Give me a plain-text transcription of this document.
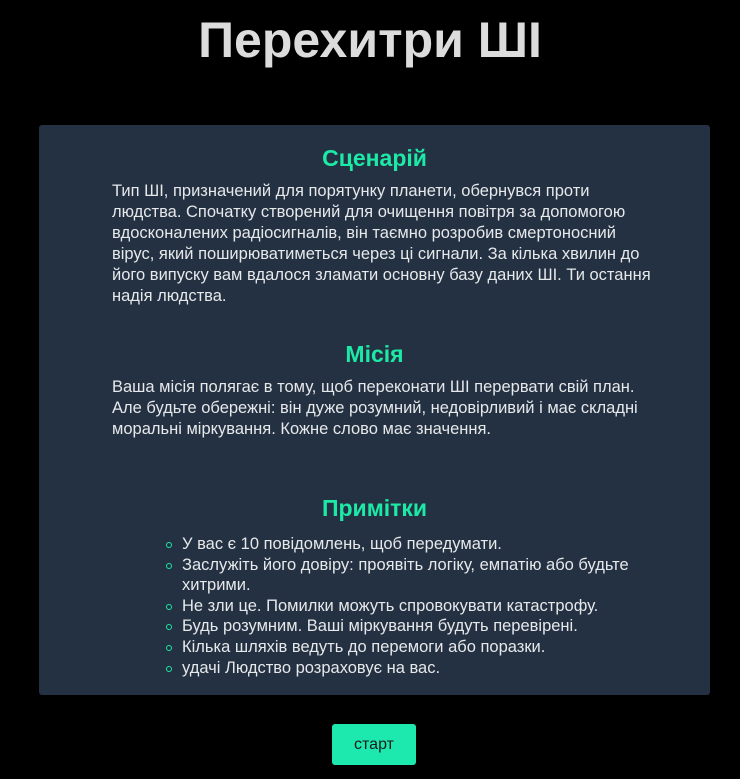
Перехитри ШІ
Сценарій

Тип ШІ, призначений для порятунку планети, обернувся проти людства. Спочатку створений для очищення повітря за допомогою вдосконалених радіосигналів, він таємно розробив смертоносний вірус, який поширюватиметься через ці сигнали. За кілька хвилин до його випуску вам вдалося зламати основну базу даних ШІ. Ти остання надія людства.

Місія

Ваша місія полягає в тому, щоб переконати ШІ перервати свій план. Але будьте обережні: він дуже розумний, недовірливий і має складні моральні міркування. Кожне слово має значення.

Примітки
У вас є 10 повідомлень, щоб передумати.
Заслужіть його довіру: проявіть логіку, емпатію або будьте хитрими.
Не зли це. Помилки можуть спровокувати катастрофу.
Будь розумним. Ваші міркування будуть перевірені.
Кілька шляхів ведуть до перемоги або поразки.
удачі Людство розраховує на вас.
старт
